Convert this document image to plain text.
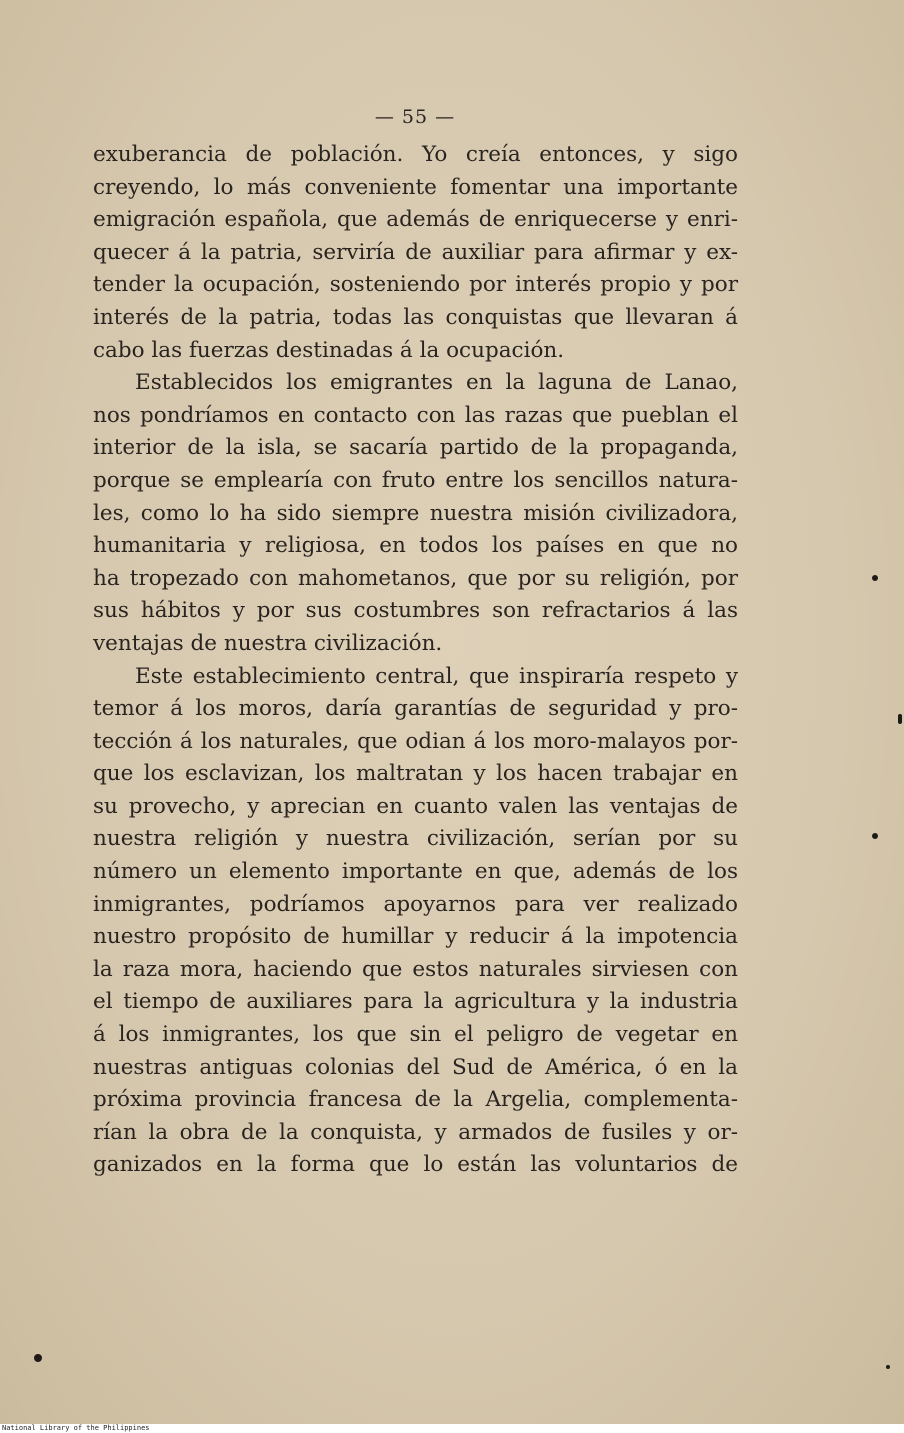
— 55 —

exuberancia de población. Yo creía entonces, y sigo
creyendo, lo más conveniente fomentar una importante
emigración española, que además de enriquecerse y enri-
quecer á la patria, serviría de auxiliar para afirmar y ex-
tender la ocupación, sosteniendo por interés propio y por
interés de la patria, todas las conquistas que llevaran á
cabo las fuerzas destinadas á la ocupación.

Establecidos los emigrantes en la laguna de Lanao,
nos pondríamos en contacto con las razas que pueblan el
interior de la isla, se sacaría partido de la propaganda,
porque se emplearía con fruto entre los sencillos natura-
les, como lo ha sido siempre nuestra misión civilizadora,
humanitaria y religiosa, en todos los países en que no
ha tropezado con mahometanos, que por su religión, por
sus hábitos y por sus costumbres son refractarios á las
ventajas de nuestra civilización.

Este establecimiento central, que inspiraría respeto y
temor á los moros, daría garantías de seguridad y pro-
tección á los naturales, que odian á los moro-malayos por-
que los esclavizan, los maltratan y los hacen trabajar en
su provecho, y aprecian en cuanto valen las ventajas de
nuestra religión y nuestra civilización, serían por su
número un elemento importante en que, además de los
inmigrantes, podríamos apoyarnos para ver realizado
nuestro propósito de humillar y reducir á la impotencia
la raza mora, haciendo que estos naturales sirviesen con
el tiempo de auxiliares para la agricultura y la industria
á los inmigrantes, los que sin el peligro de vegetar en
nuestras antiguas colonias del Sud de América, ó en la
próxima provincia francesa de la Argelia, complementa-
rían la obra de la conquista, y armados de fusiles y or-
ganizados en la forma que lo están las voluntarios de

National Library of the Philippines
